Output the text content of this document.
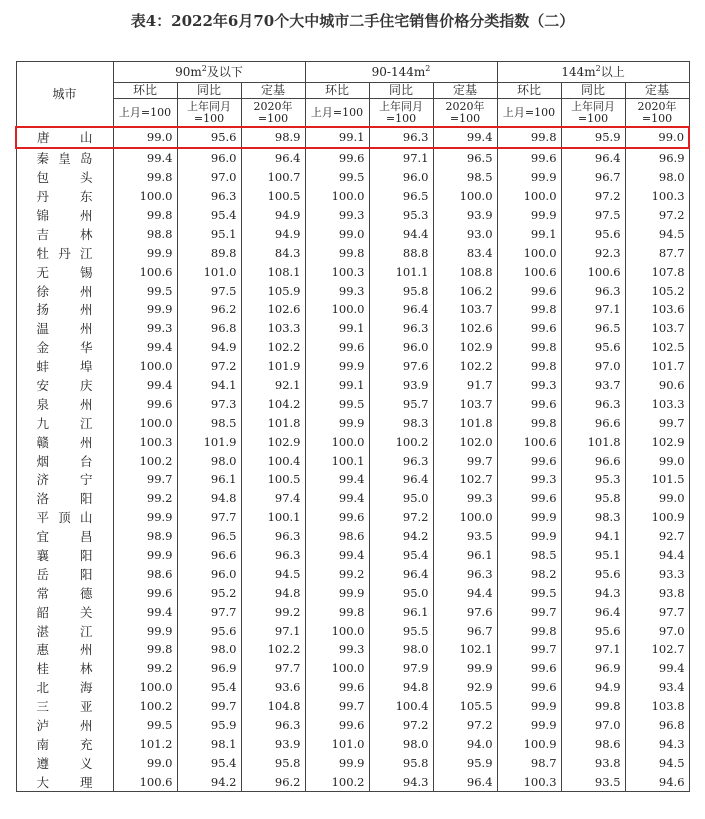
表4：2022年6月70个大中城市二手住宅销售价格分类指数（二）
城市	$90m^2$及以下			$90-144m^2$			$144m^2$以上		
	环比	同比	定基	环比	同比	定基	环比	同比	定基
	上月=100	上年同月=100	2020年=100	上月=100	上年同月=100	2020年=100	上月=100	上年同月=100	2020年=100
唐山	99.0	95.6	98.9	99.1	96.3	99.4	99.8	95.9	99.0
秦皇岛	99.4	96.0	96.4	99.6	97.1	96.5	99.6	96.4	96.9
包头	99.8	97.0	100.7	99.5	96.0	98.5	99.9	96.7	98.0
丹东	100.0	96.3	100.5	100.0	96.5	100.0	100.0	97.2	100.3
锦州	99.8	95.4	94.9	99.3	95.3	93.9	99.9	97.5	97.2
吉林	98.8	95.1	94.9	99.0	94.4	93.0	99.1	95.6	94.5
牡丹江	99.9	89.8	84.3	99.8	88.8	83.4	100.0	92.3	87.7
无锡	100.6	101.0	108.1	100.3	101.1	108.8	100.6	100.6	107.8
徐州	99.5	97.5	105.9	99.3	95.8	106.2	99.6	96.3	105.2
扬州	99.9	96.2	102.6	100.0	96.4	103.7	99.8	97.1	103.6
温州	99.3	96.8	103.3	99.1	96.3	102.6	99.6	96.5	103.7
金华	99.4	94.9	102.2	99.6	96.0	102.9	99.8	95.6	102.5
蚌埠	100.0	97.2	101.9	99.9	97.6	102.2	99.8	97.0	101.7
安庆	99.4	94.1	92.1	99.1	93.9	91.7	99.3	93.7	90.6
泉州	99.6	97.3	104.2	99.5	95.7	103.7	99.6	96.3	103.3
九江	100.0	98.5	101.8	99.9	98.3	101.8	99.8	96.6	99.7
赣州	100.3	101.9	102.9	100.0	100.2	102.0	100.6	101.8	102.9
烟台	100.2	98.0	100.4	100.1	96.3	99.7	99.6	96.6	99.0
济宁	99.7	96.1	100.5	99.4	96.4	102.7	99.3	95.3	101.5
洛阳	99.2	94.8	97.4	99.4	95.0	99.3	99.6	95.8	99.0
平顶山	99.9	97.7	100.1	99.6	97.2	100.0	99.9	98.3	100.9
宜昌	98.9	96.5	96.3	98.6	94.2	93.5	99.9	94.1	92.7
襄阳	99.9	96.6	96.3	99.4	95.4	96.1	98.5	95.1	94.4
岳阳	98.6	96.0	94.5	99.2	96.4	96.3	98.2	95.6	93.3
常德	99.6	95.2	94.8	99.9	95.0	94.4	99.5	94.3	93.8
韶关	99.4	97.7	99.2	99.8	96.1	97.6	99.7	96.4	97.7
湛江	99.9	95.6	97.1	100.0	95.5	96.7	99.8	95.6	97.0
惠州	99.8	98.0	102.2	99.3	98.0	102.1	99.7	97.1	102.7
桂林	99.2	96.9	97.7	100.0	97.9	99.9	99.6	96.9	99.4
北海	100.0	95.4	93.6	99.6	94.8	92.9	99.6	94.9	93.4
三亚	100.2	99.7	104.8	99.7	100.4	105.5	99.9	99.8	103.8
泸州	99.5	95.9	96.3	99.6	97.2	97.2	99.9	97.0	96.8
南充	101.2	98.1	93.9	101.0	98.0	94.0	100.9	98.6	94.3
遵义	99.0	95.4	95.8	99.9	95.8	95.9	98.7	93.8	94.5
大理	100.6	94.2	96.2	100.2	94.3	96.4	100.3	93.5	94.6
